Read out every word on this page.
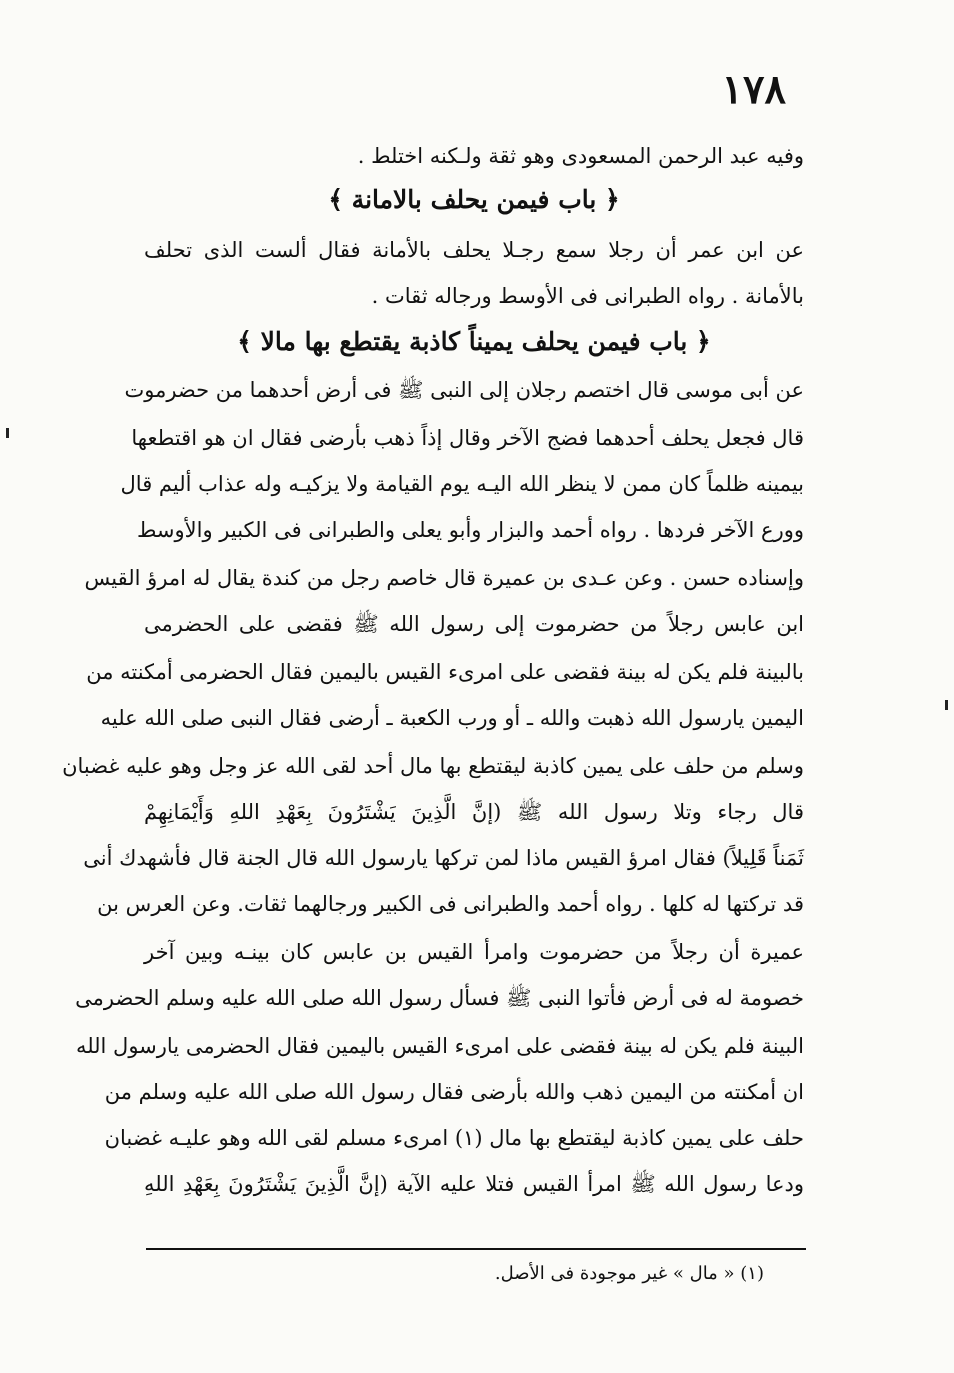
١٧٨
وفيه عبد الرحمن المسعودى وهو ثقة ولـكنه اختلط .
﴿ باب فيمن يحلف بالامانة ﴾
عن ابن عمر أن رجلا سمع رجـلا يحلف بالأمانة فقال ألست الذى تحلف
بالأمانة . رواه الطبرانى فى الأوسط ورجاله ثقات .
﴿ باب فيمن يحلف يميناً كاذبة يقتطع بها مالا ﴾
عن أبى موسى قال اختصم رجلان إلى النبى ﷺ فى أرض أحدهما من حضرموت
قال فجعل يحلف أحدهما فضج الآخر وقال إذاً ذهب بأرضى فقال ان هو اقتطعها
بيمينه ظلماً كان ممن لا ينظر الله اليـه يوم القيامة ولا يزكيـه وله عذاب أليم قال
وورع الآخر فردها . رواه أحمد والبزار وأبو يعلى والطبرانى فى الكبير والأوسط
وإسناده حسن . وعن عـدى بن عميرة قال خاصم رجل من كندة يقال له امرؤ القيس
ابن عابس رجلاً من حضرموت إلى رسول الله ﷺ فقضى على الحضرمى
بالبينة فلم يكن له بينة فقضى على امرىء القيس باليمين فقال الحضرمى أمكنته من
اليمين يارسول الله ذهبت والله ـ أو ورب الكعبة ـ أرضى فقال النبى صلى الله عليه
وسلم من حلف على يمين كاذبة ليقتطع بها مال أحد لقى الله عز وجل وهو عليه غضبان
قال رجاء وتلا رسول الله ﷺ (إنَّ الَّذِينَ يَشْتَرُونَ بِعَهْدِ اللهِ وَأَيْمَانِهِمْ
ثَمَناً قَلِيلاً) فقال امرؤ القيس ماذا لمن تركها يارسول الله قال الجنة قال فأشهدك أنى
قد تركتها له كلها . رواه أحمد والطبرانى فى الكبير ورجالهما ثقات. وعن العرس بن
عميرة أن رجلاً من حضرموت وامرأ القيس بن عابس كان بينـه وبين آخر
خصومة له فى أرض فأتوا النبى ﷺ فسأل رسول الله صلى الله عليه وسلم الحضرمى
البينة فلم يكن له بينة فقضى على امرىء القيس باليمين فقال الحضرمى يارسول الله
ان أمكنته من اليمين ذهب والله بأرضى فقال رسول الله صلى الله عليه وسلم من
حلف على يمين كاذبة ليقتطع بها مال (١) امرىء مسلم لقى الله وهو عليـه غضبان
ودعا رسول الله ﷺ امرأ القيس فتلا عليه الآية (إنَّ الَّذِينَ يَشْتَرُونَ بِعَهْدِ اللهِ
(١) « مال » غير موجودة فى الأصل.
